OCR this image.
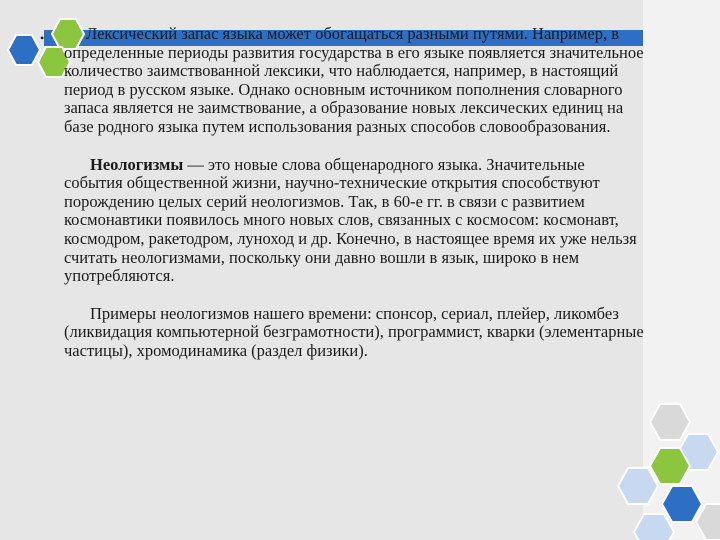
•	Лексический запас языка может обогащаться разными путями. Например, в определенные периоды развития государства в его языке появляется значительное количество заимствованной лексики, что наблюдается, например, в настоящий период в русском языке. Однако основным источником пополнения словарного запаса является не заимствование, а образование новых лексических единиц на базе родного языка путем использования разных способов словообразования.

Неологизмы — это новые слова общенародного языка. Значительные события общественной жизни, научно-технические открытия способствуют порождению целых серий неологизмов. Так, в 60-е гг. в связи с развитием космонавтики появилось много новых слов, связанных с космосом: космонавт, космодром, ракетодром, луноход и др. Конечно, в настоящее время их уже нельзя считать неологизмами, поскольку они давно вошли в язык, широко в нем употребляются.

Примеры неологизмов нашего времени: спонсор, сериал, плейер, ликомбез (ликвидация компьютерной безграмотности), программист, кварки (элементарные частицы), хромодинамика (раздел физики).
